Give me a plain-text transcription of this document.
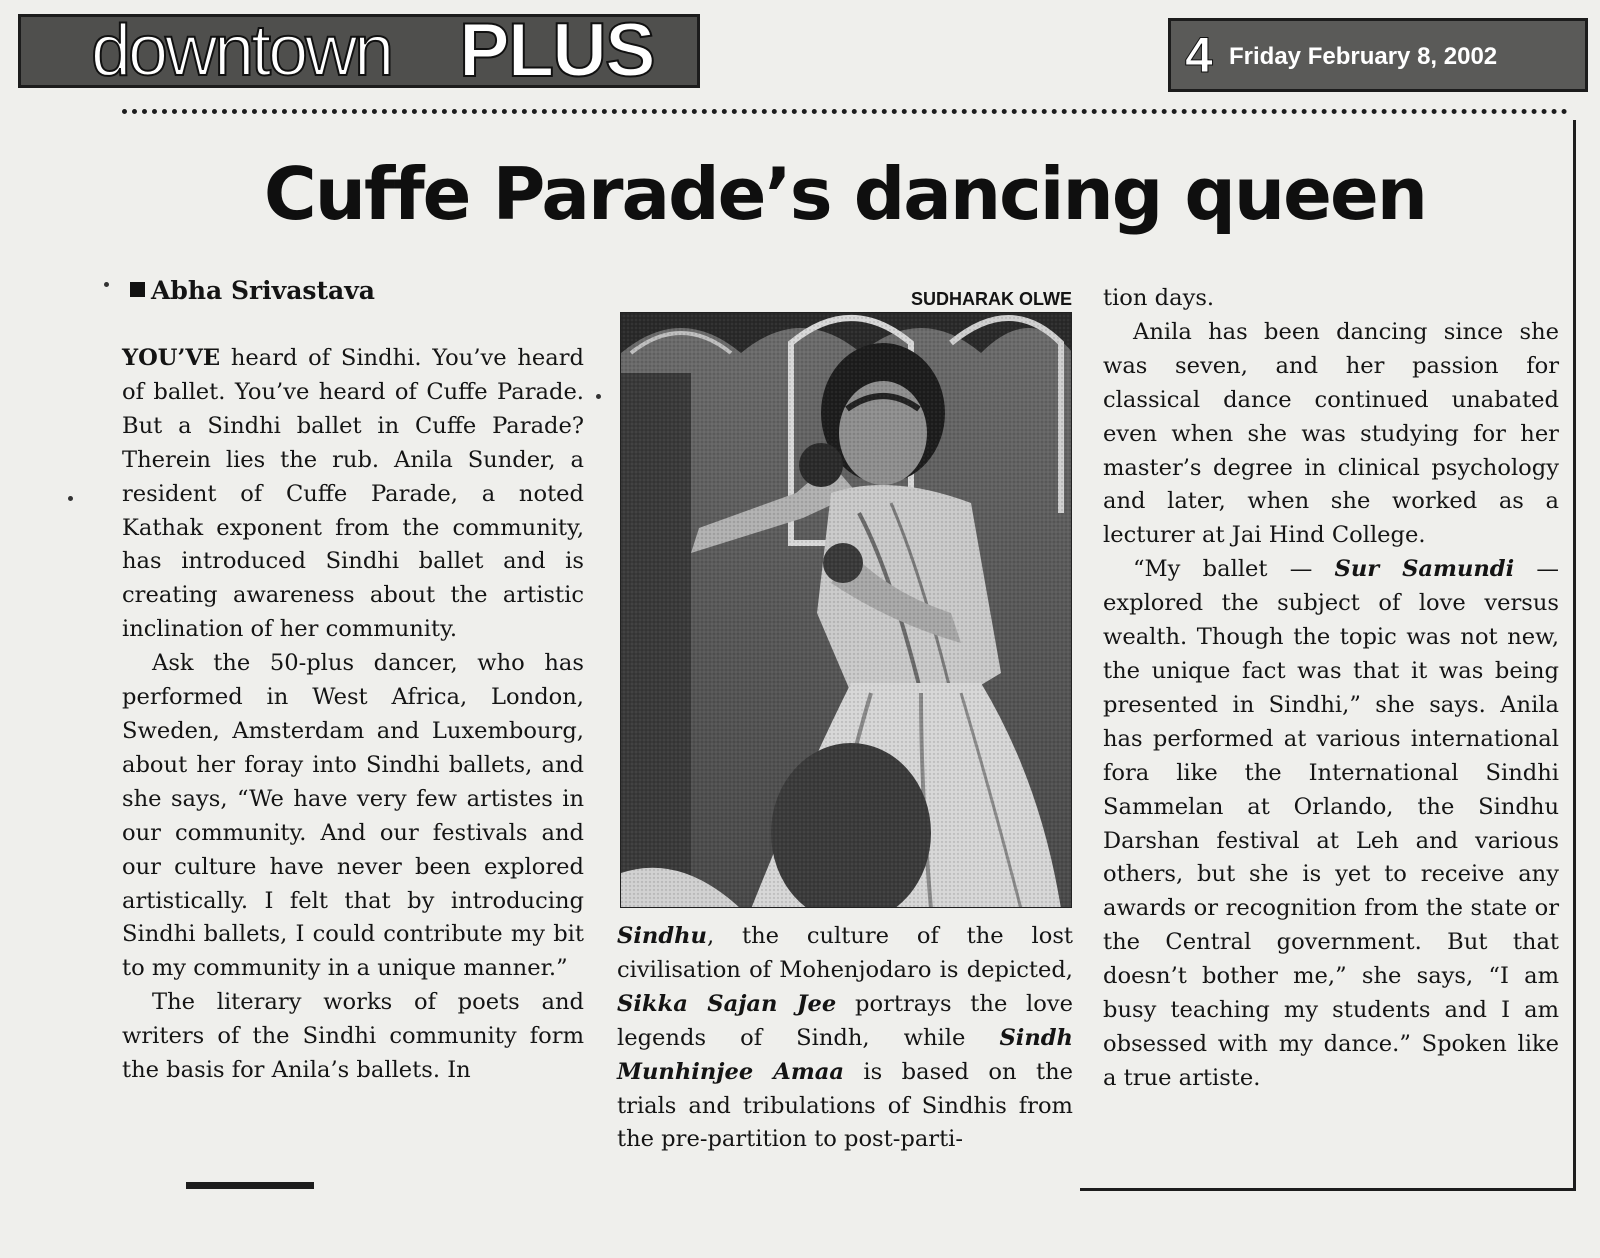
downtown PLUS	4 Friday February 8, 2002
Cuffe Parade’s dancing queen
Abha Srivastava	SUDHARAK OLWE

YOU’VE heard of Sindhi. You’ve heard of ballet. You’ve heard of Cuffe Parade. But a Sindhi ballet in Cuffe Parade? Therein lies the rub. Anila Sunder, a resident of Cuffe Parade, a noted Kathak exponent from the community, has introduced Sindhi ballet and is creating awareness about the artistic inclination of her community.

Ask the 50-plus dancer, who has performed in West Africa, London, Sweden, Amsterdam and Luxembourg, about her foray into Sindhi ballets, and she says, “We have very few artistes in our community. And our festivals and our culture have never been explored artistically. I felt that by introducing Sindhi ballets, I could contribute my bit to my community in a unique manner.”

The literary works of poets and writers of the Sindhi community form the basis for Anila’s ballets. In

Sindhu, the culture of the lost civilisation of Mohenjodaro is depicted, Sikka Sajan Jee portrays the love legends of Sindh, while Sindh Munhinjee Amaa is based on the trials and tribulations of Sindhis from the pre-partition to post-parti-

tion days.

Anila has been dancing since she was seven, and her passion for classical dance continued unabated even when she was studying for her master’s degree in clinical psychology and later, when she worked as a lecturer at Jai Hind College.

“My ballet — Sur Samundi — explored the subject of love versus wealth. Though the topic was not new, the unique fact was that it was being presented in Sindhi,” she says. Anila has performed at various international fora like the International Sindhi Sammelan at Orlando, the Sindhu Darshan festival at Leh and various others, but she is yet to receive any awards or recognition from the state or the Central government. But that doesn’t bother me,” she says, “I am busy teaching my students and I am obsessed with my dance.” Spoken like a true artiste.
